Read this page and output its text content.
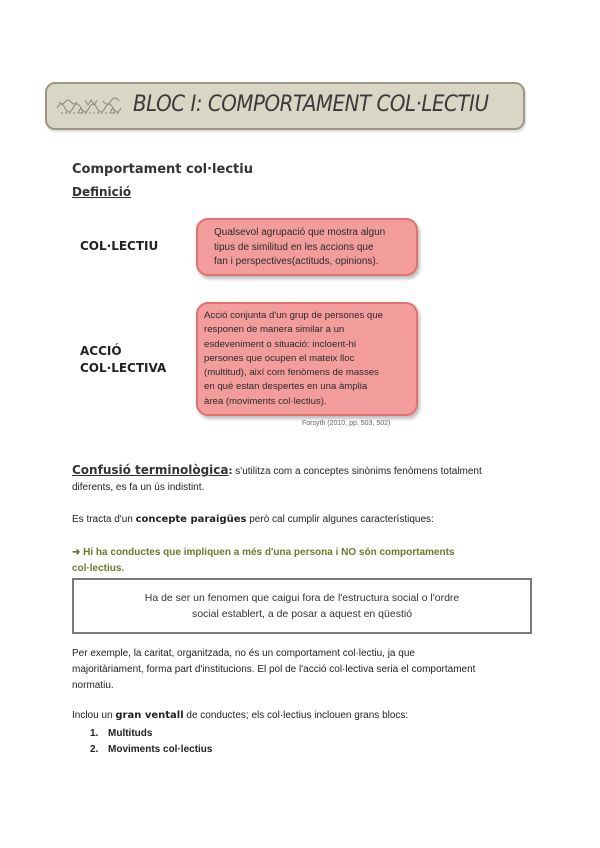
BLOC I: COMPORTAMENT COL·LECTIU
Comportament col·lectiu
Definició
COL·LECTIU
Qualsevol agrupació que mostra algun
tipus de similitud en les accions que
fan i perspectives(actituds, opinions).
ACCIÓ
COL·LECTIVA
Acció conjunta d'un grup de persones que
responen de manera similar a un
esdeveniment o situació: incloent-hi
persones que ocupen el mateix lloc
(multitud), així com fenòmens de masses
en què estan despertes en una àmplia
àrea (moviments col·lectius).
Forsyth (2010, pp. 503, 502)
Confusió terminològica: s'utilitza com a conceptes sinònims fenòmens totalment
diferents, es fa un ús indistint.
Es tracta d'un concepte paraigües però cal cumplir algunes característiques:
➜ Hi ha conductes que impliquen a més d'una persona i NO són comportaments
col·lectius.
Ha de ser un fenomen que caigui fora de l'estructura social o l'ordre
social establert, a de posar a aquest en qüestió
Per exemple, la caritat, organitzada, no és un comportament col·lectiu, ja que
majoritàriament, forma part d'institucions. El pol de l'acció col·lectiva seria el comportament
normatiu.
Inclou un gran ventall de conductes; els col·lectius inclouen grans blocs:
1. Multituds
2. Moviments col·lectius
